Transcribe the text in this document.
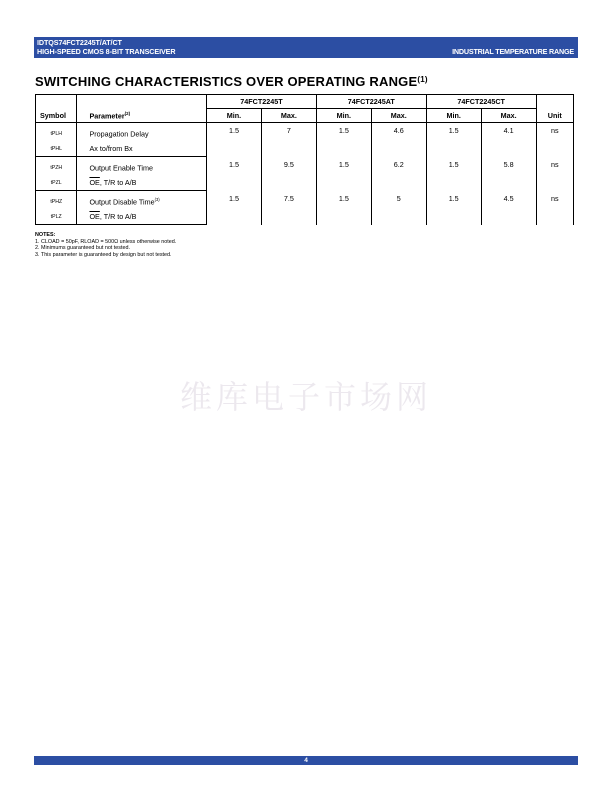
IDTQS74FCT2245T/AT/CT
HIGH-SPEED CMOS 8-BIT TRANSCEIVER	INDUSTRIAL TEMPERATURE RANGE
SWITCHING CHARACTERISTICS OVER OPERATING RANGE$^{(1)}$
		74FCT2245T		74FCT2245AT		74FCT2245CT		
Symbol	Parameter$^{(2)}$	Min.	Max.	Min.	Max.	Min.	Max.	Unit
tPLH	Propagation Delay	1.5	7	1.5	4.6	1.5	4.1	ns
tPHL	Ax to/from Bx							
tPZH	Output Enable Time	1.5	9.5	1.5	6.2	1.5	5.8	ns
tPZL	$\overline{OE}$, T/R to A/B							
tPHZ	Output Disable Time$^{(3)}$	1.5	7.5	1.5	5	1.5	4.5	ns
tPLZ	$\overline{OE}$, T/R to A/B							
NOTES:
1. CLOAD = 50pF, RLOAD = 500Ω unless otherwise noted.
2. Minimums guaranteed but not tested.
3. This parameter is guaranteed by design but not tested.
维库电子市场网
4
